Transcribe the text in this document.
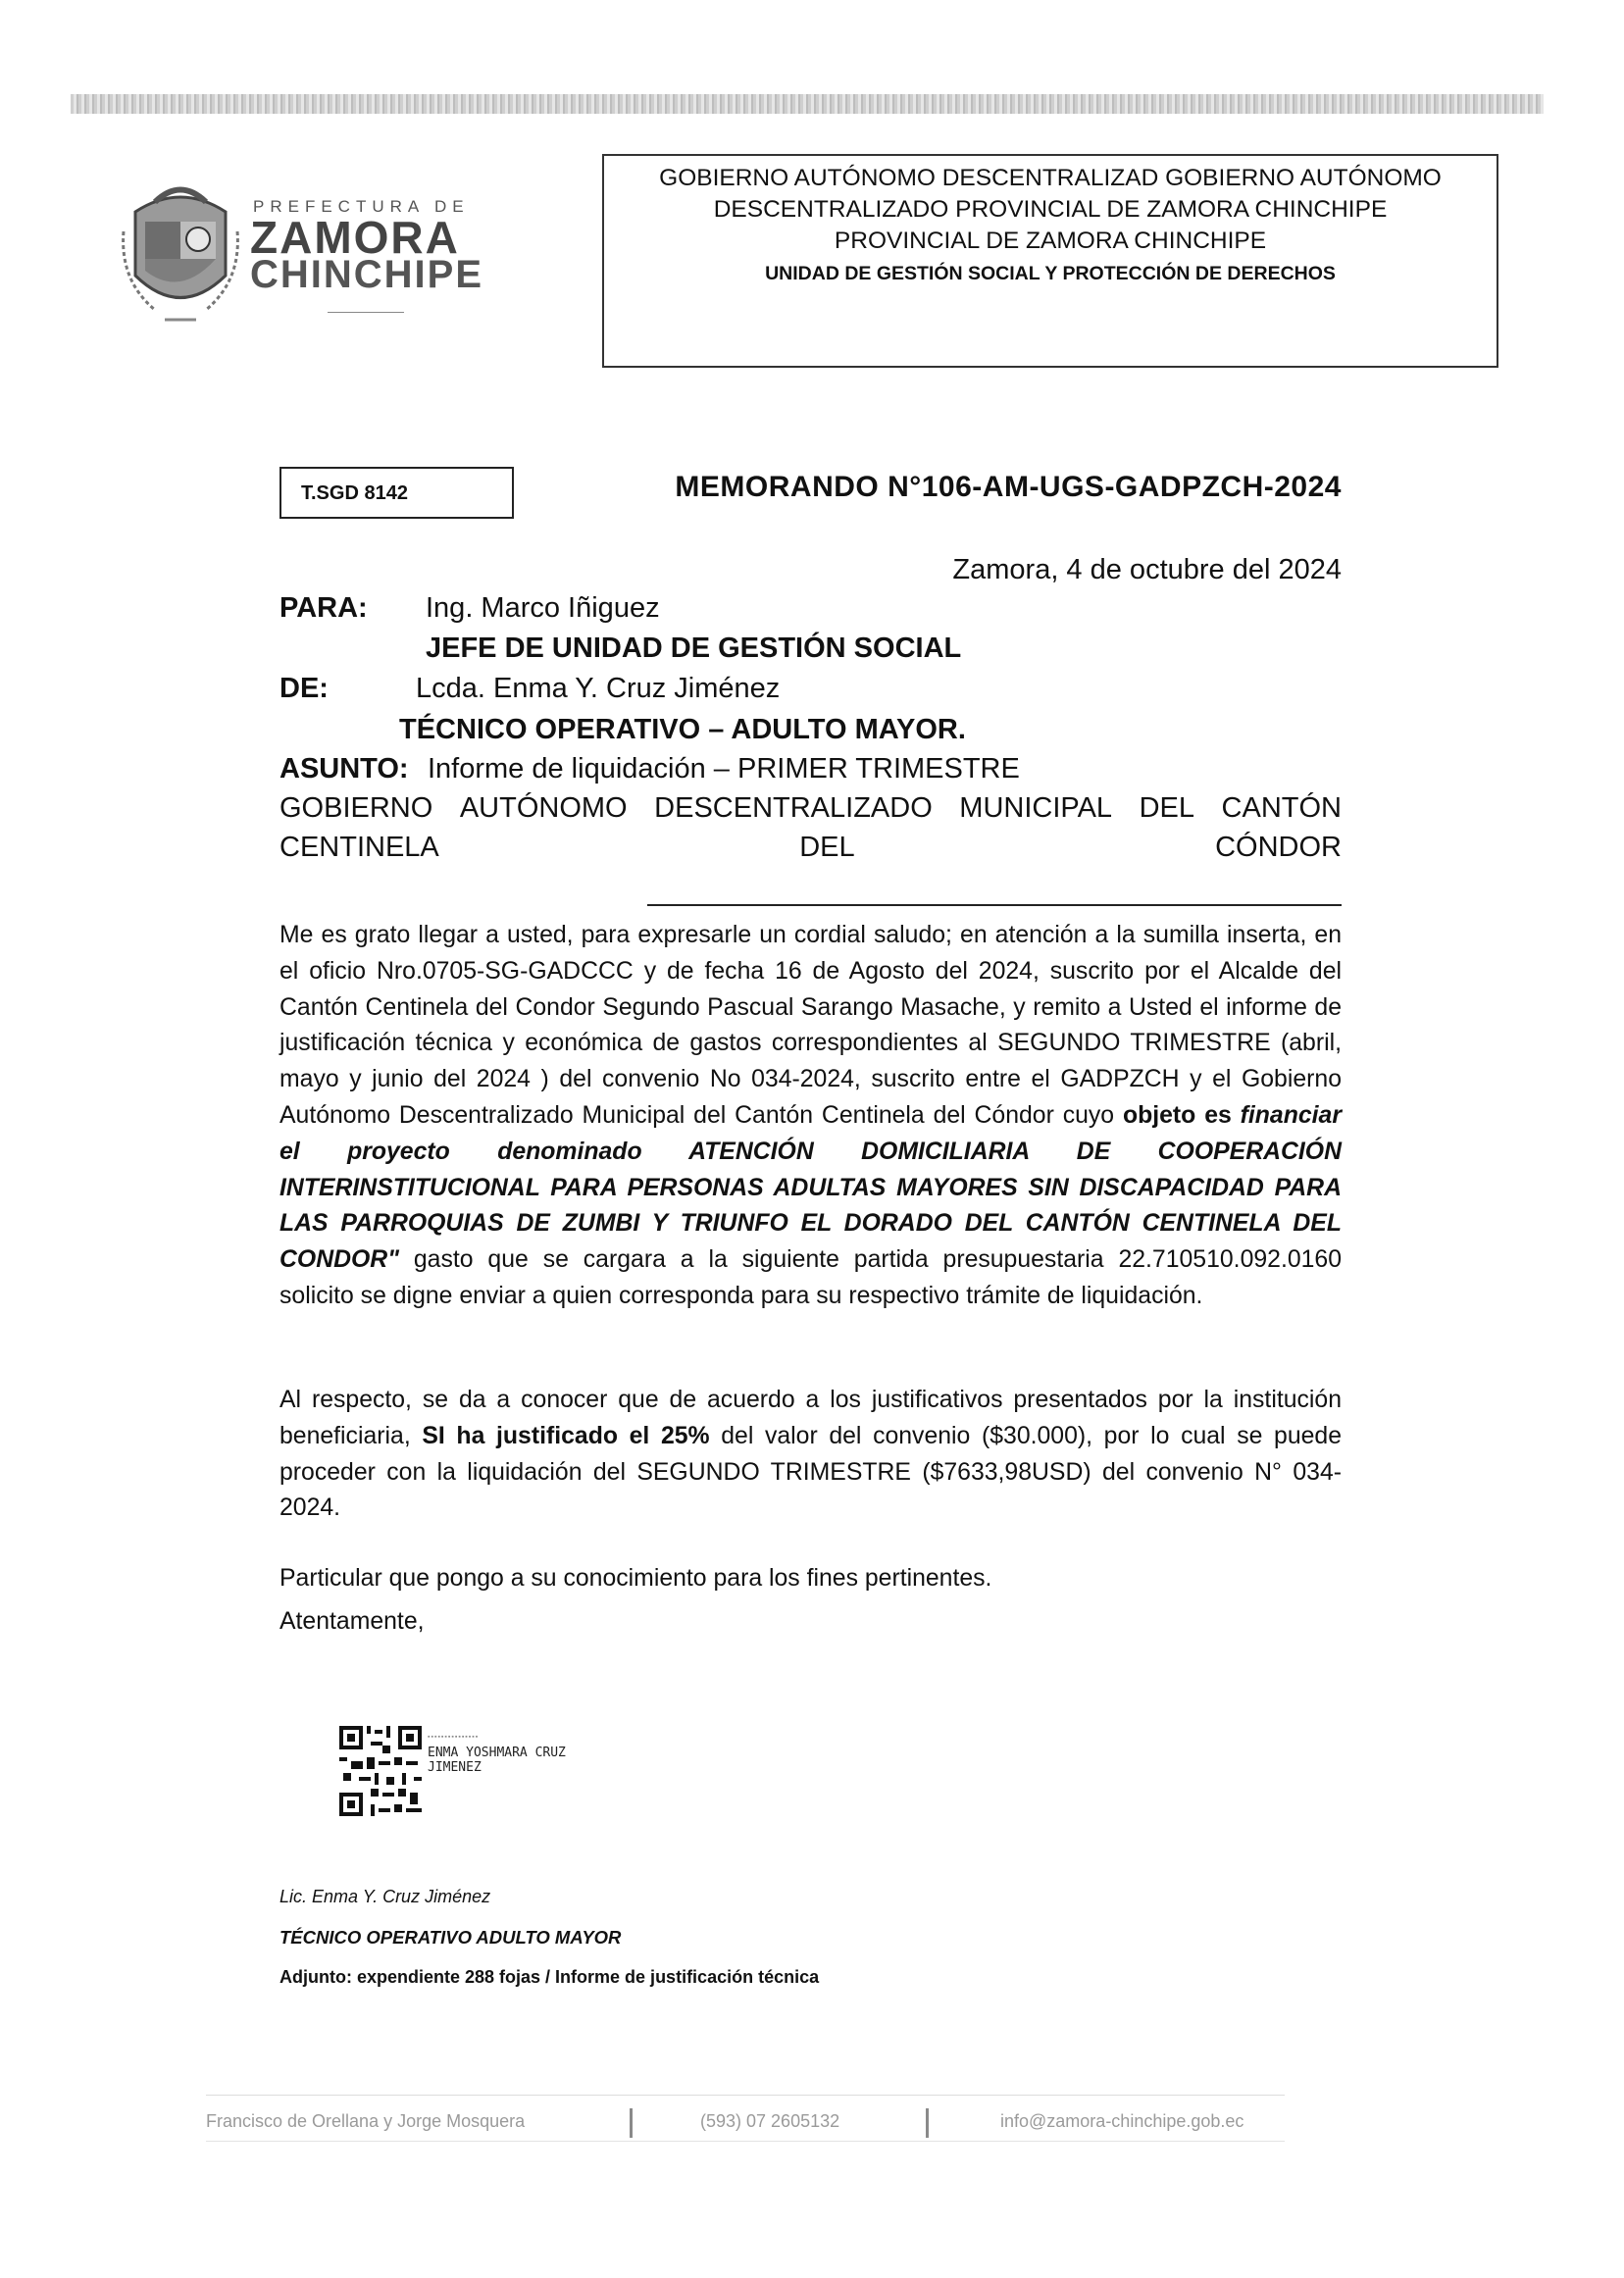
PREFECTURA DE
ZAMORA
CHINCHIPE
GOBIERNO AUTÓNOMO DESCENTRALIZAD GOBIERNO AUTÓNOMO
DESCENTRALIZADO PROVINCIAL DE ZAMORA CHINCHIPE
PROVINCIAL DE ZAMORA CHINCHIPE
UNIDAD DE GESTIÓN SOCIAL Y PROTECCIÓN DE DERECHOS
T.SGD 8142	MEMORANDO N°106-AM-UGS-GADPZCH-2024
Zamora, 4 de octubre del 2024
PARA: Ing. Marco Iñiguez
JEFE DE UNIDAD DE GESTIÓN SOCIAL
DE:	Lcda. Enma Y. Cruz Jiménez
TÉCNICO OPERATIVO – ADULTO MAYOR.
ASUNTO: Informe de liquidación – PRIMER TRIMESTRE
GOBIERNO AUTÓNOMO DESCENTRALIZADO MUNICIPAL DEL CANTÓN
CENTINELA	DEL	CÓNDOR
Me es grato llegar a usted, para expresarle un cordial saludo; en atención a la sumilla inserta, en el oficio Nro.0705-SG-GADCCC y de fecha 16 de Agosto del 2024, suscrito por el Alcalde del Cantón Centinela del Condor Segundo Pascual Sarango Masache, y remito a Usted el informe de justificación técnica y económica de gastos correspondientes al SEGUNDO TRIMESTRE (abril, mayo y junio del 2024 ) del convenio No 034-2024, suscrito entre el GADPZCH y el Gobierno Autónomo Descentralizado Municipal del Cantón Centinela del Cóndor cuyo objeto es financiar el proyecto denominado ATENCIÓN DOMICILIARIA DE COOPERACIÓN INTERINSTITUCIONAL PARA PERSONAS ADULTAS MAYORES SIN DISCAPACIDAD PARA LAS PARROQUIAS DE ZUMBI Y TRIUNFO EL DORADO DEL CANTÓN CENTINELA DEL CONDOR" gasto que se cargara a la siguiente partida presupuestaria 22.710510.092.0160 solicito se digne enviar a quien corresponda para su respectivo trámite de liquidación.
Al respecto, se da a conocer que de acuerdo a los justificativos presentados por la institución beneficiaria, SI ha justificado el 25% del valor del convenio ($30.000), por lo cual se puede proceder con la liquidación del SEGUNDO TRIMESTRE ($7633,98USD) del convenio N° 034-2024.
Particular que pongo a su conocimiento para los fines pertinentes.
Atentamente,
▪▪▪▪▪▪▪▪▪▪▪▪▪▪▪
ENMA YOSHMARA CRUZ
JIMENEZ
Lic. Enma Y. Cruz Jiménez
TÉCNICO OPERATIVO ADULTO MAYOR
Adjunto: expendiente 288 fojas / Informe de justificación técnica
Francisco de Orellana y Jorge Mosquera	(593) 07 2605132	info@zamora-chinchipe.gob.ec
